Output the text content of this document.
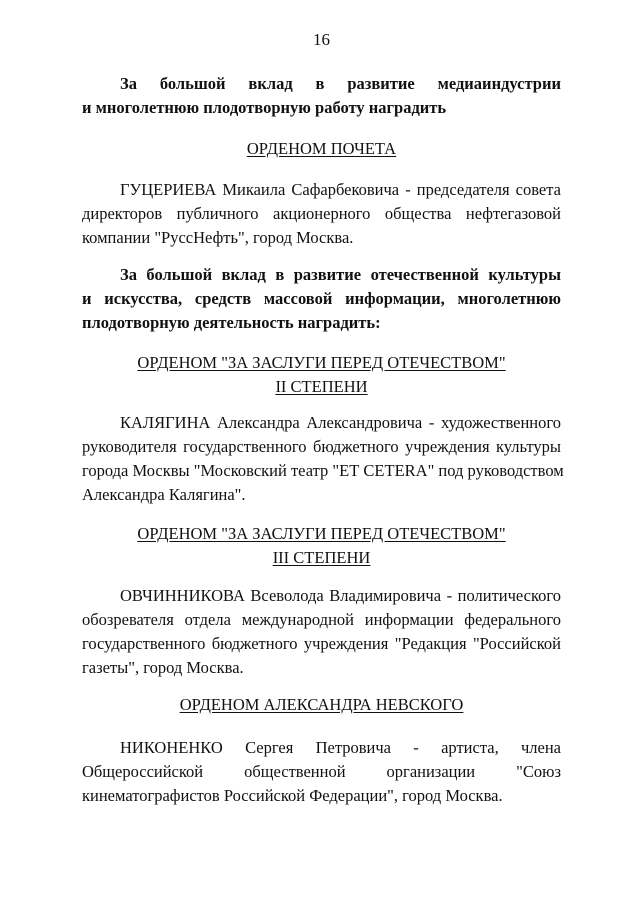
16
За большой вклад в развитие медиаиндустрии
и многолетнюю плодотворную работу наградить
ОРДЕНОМ ПОЧЕТА
ГУЦЕРИЕВА Микаила Сафарбековича - председателя совета
директоров публичного акционерного общества нефтегазовой
компании "РуссНефть", город Москва.
За большой вклад в развитие отечественной культуры
и искусства, средств массовой информации, многолетнюю
плодотворную деятельность наградить:
ОРДЕНОМ "ЗА ЗАСЛУГИ ПЕРЕД ОТЕЧЕСТВОМ"
II СТЕПЕНИ
КАЛЯГИНА Александра Александровича - художественного
руководителя государственного бюджетного учреждения культуры
города Москвы "Московский театр "ЕТ CETERA" под руководством
Александра Калягина".
ОРДЕНОМ "ЗА ЗАСЛУГИ ПЕРЕД ОТЕЧЕСТВОМ"
III СТЕПЕНИ
ОВЧИННИКОВА Всеволода Владимировича - политического
обозревателя отдела международной информации федерального
государственного бюджетного учреждения "Редакция "Российской
газеты", город Москва.
ОРДЕНОМ АЛЕКСАНДРА НЕВСКОГО
НИКОНЕНКО Сергея Петровича - артиста, члена
Общероссийской общественной организации "Союз
кинематографистов Российской Федерации", город Москва.
